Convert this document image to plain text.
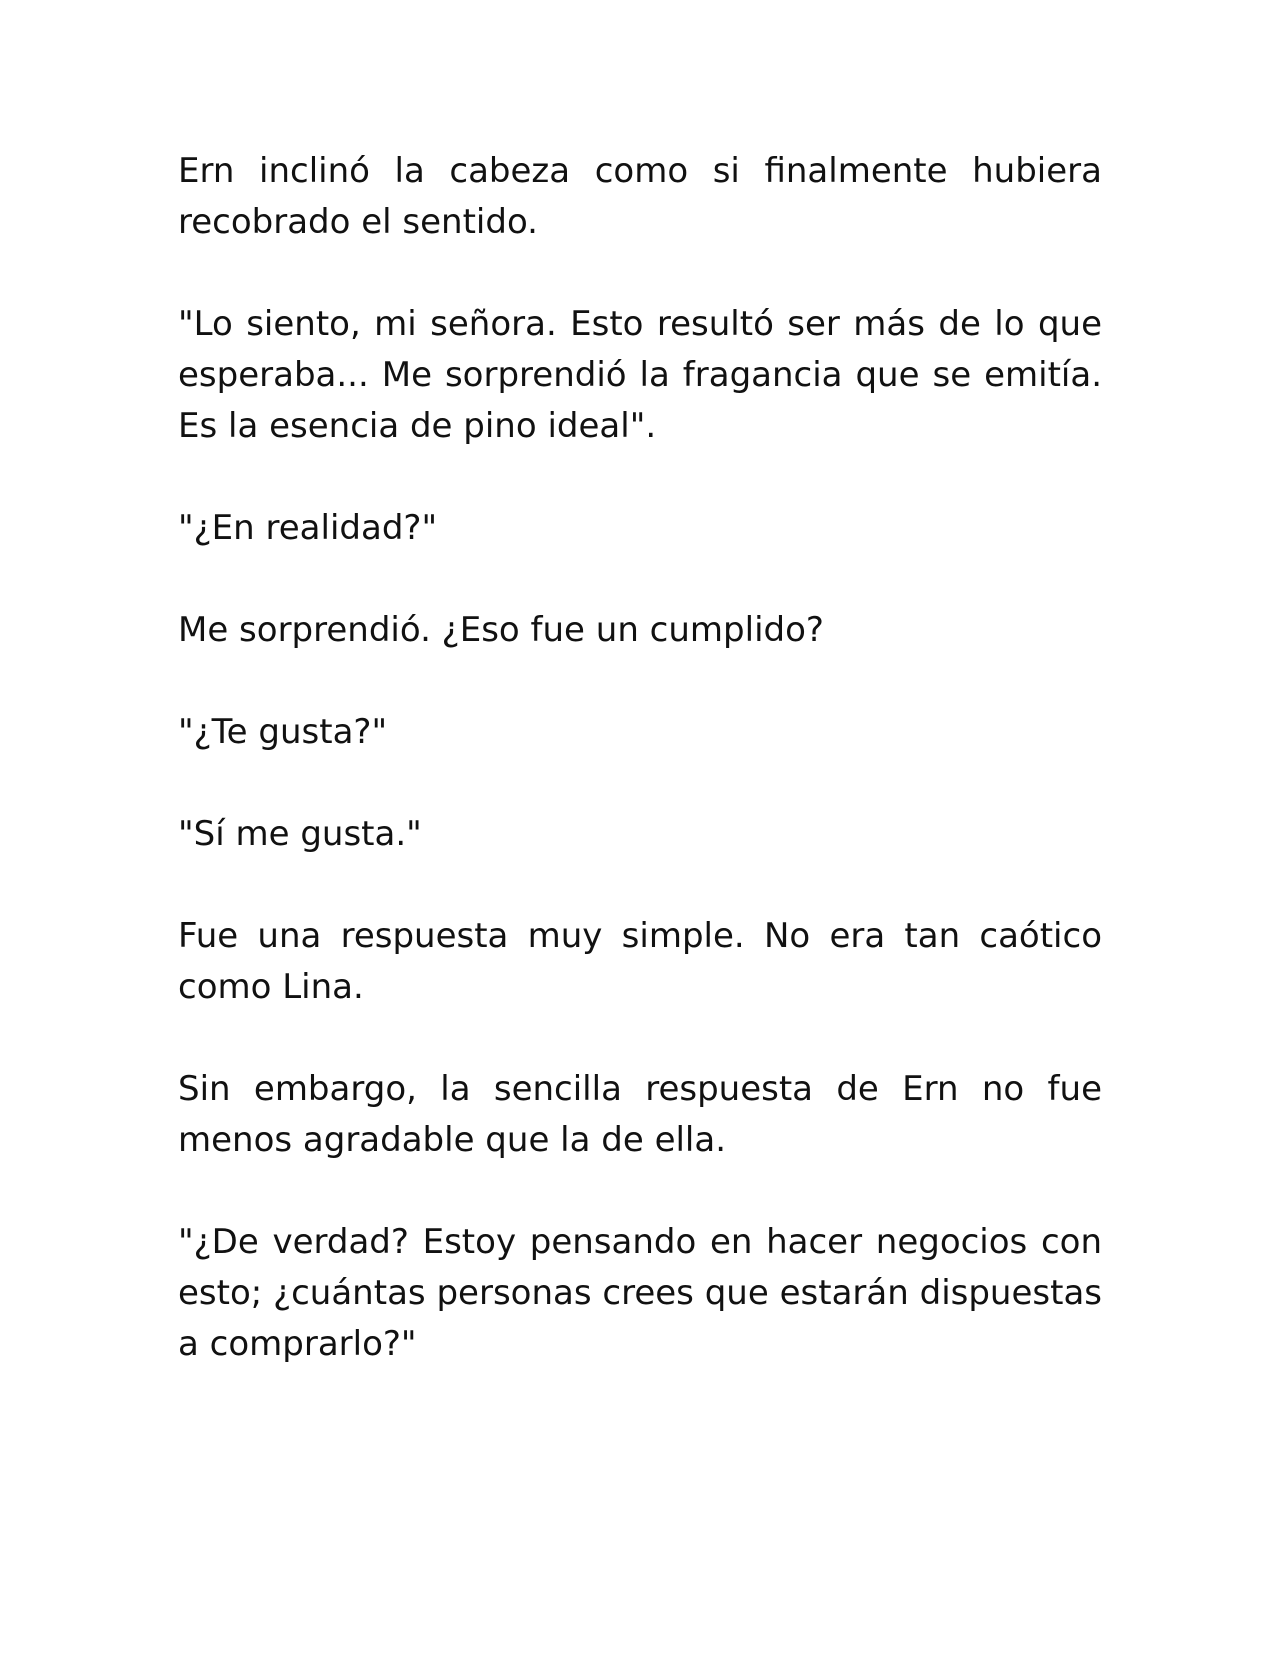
Ern inclinó la cabeza como si finalmente hubiera recobrado el sentido.

"Lo siento, mi señora. Esto resultó ser más de lo que esperaba... Me sorprendió la fragancia que se emitía. Es la esencia de pino ideal".

"¿En realidad?"

Me sorprendió. ¿Eso fue un cumplido?

"¿Te gusta?"

"Sí me gusta."

Fue una respuesta muy simple. No era tan caótico como Lina.

Sin embargo, la sencilla respuesta de Ern no fue menos agradable que la de ella.

"¿De verdad? Estoy pensando en hacer negocios con esto; ¿cuántas personas crees que estarán dispuestas a comprarlo?"
